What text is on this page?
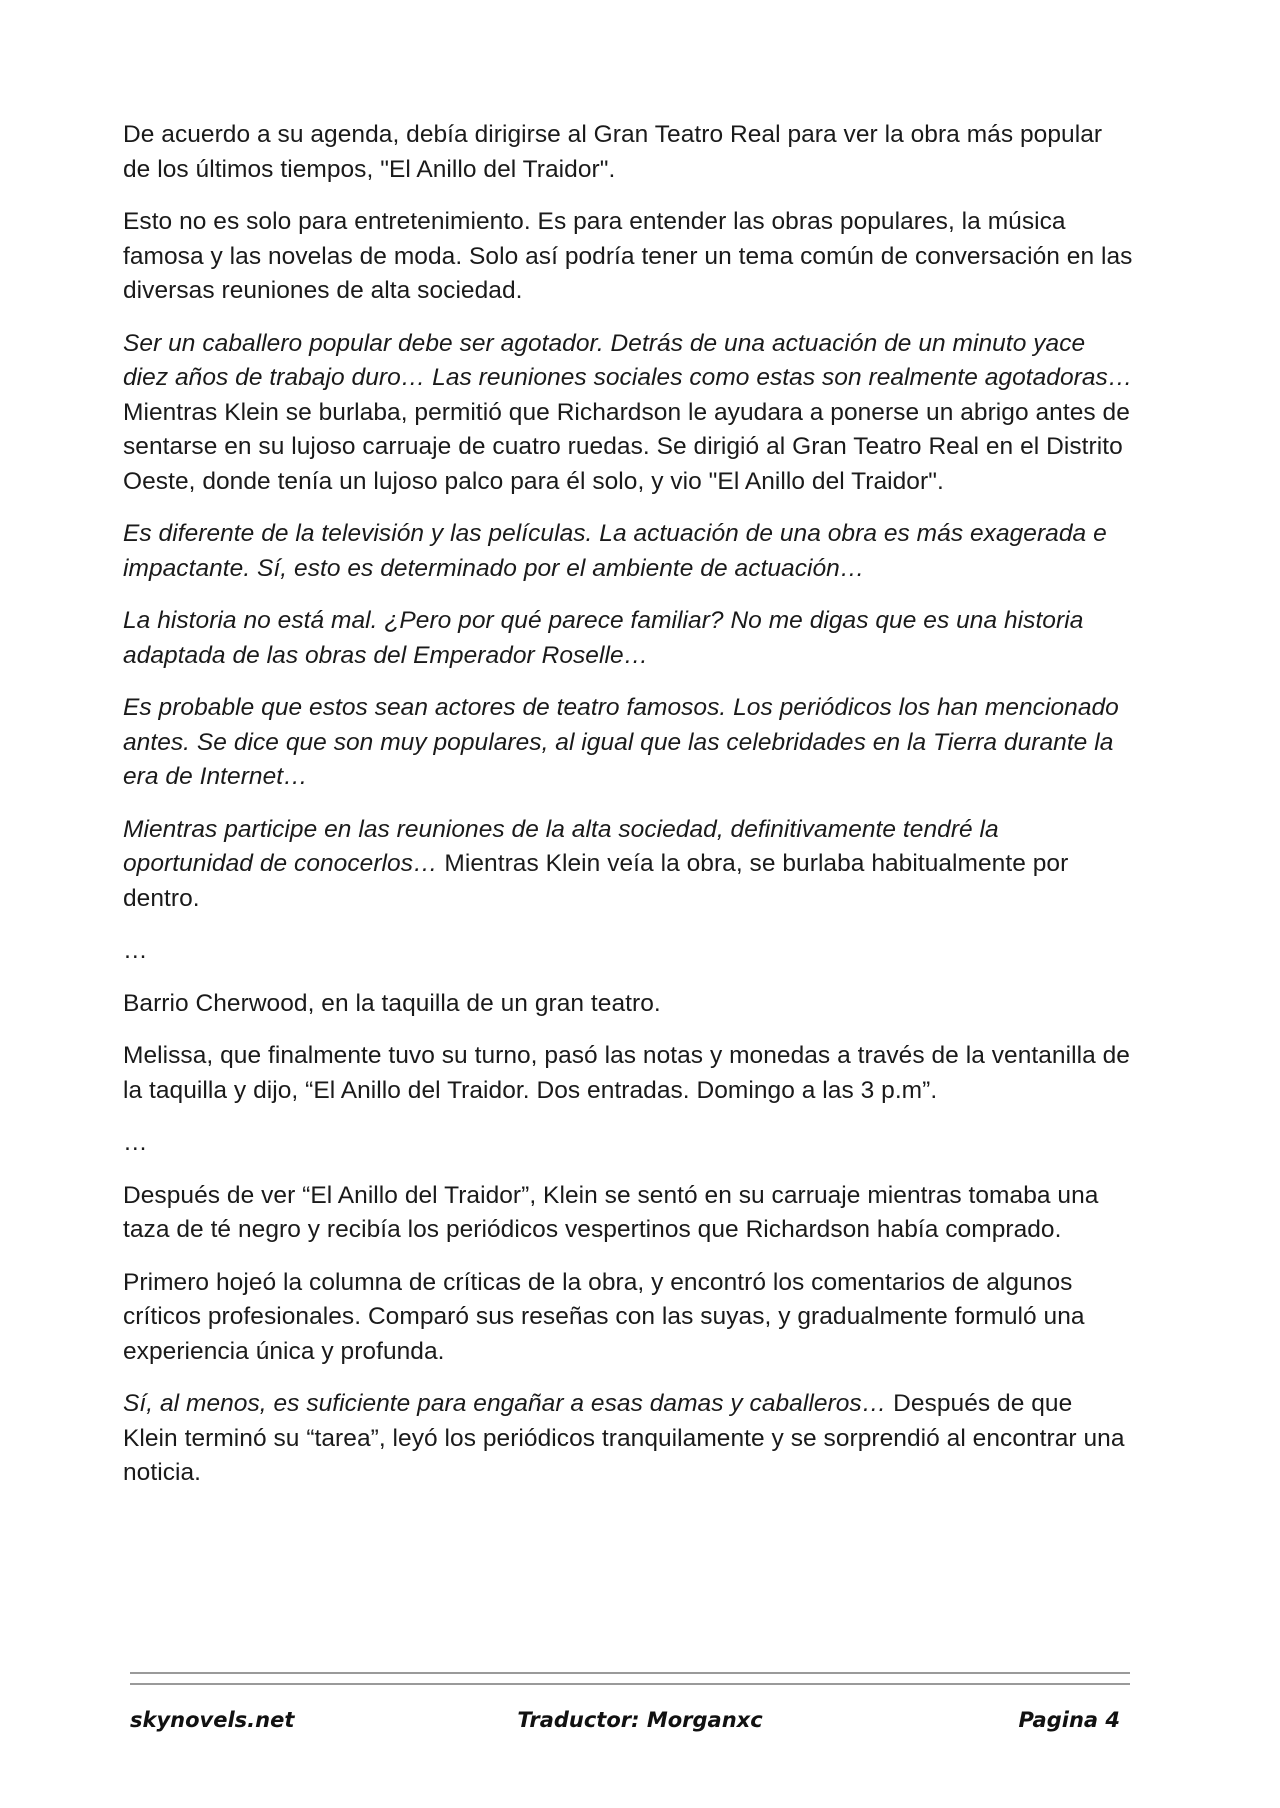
De acuerdo a su agenda, debía dirigirse al Gran Teatro Real para ver la obra más popular de los últimos tiempos, "El Anillo del Traidor".

Esto no es solo para entretenimiento. Es para entender las obras populares, la música famosa y las novelas de moda. Solo así podría tener un tema común de conversación en las diversas reuniones de alta sociedad.

Ser un caballero popular debe ser agotador. Detrás de una actuación de un minuto yace diez años de trabajo duro… Las reuniones sociales como estas son realmente agotadoras… Mientras Klein se burlaba, permitió que Richardson le ayudara a ponerse un abrigo antes de sentarse en su lujoso carruaje de cuatro ruedas. Se dirigió al Gran Teatro Real en el Distrito Oeste, donde tenía un lujoso palco para él solo, y vio "El Anillo del Traidor".

Es diferente de la televisión y las películas. La actuación de una obra es más exagerada e impactante. Sí, esto es determinado por el ambiente de actuación…

La historia no está mal. ¿Pero por qué parece familiar? No me digas que es una historia adaptada de las obras del Emperador Roselle…

Es probable que estos sean actores de teatro famosos. Los periódicos los han mencionado antes. Se dice que son muy populares, al igual que las celebridades en la Tierra durante la era de Internet…

Mientras participe en las reuniones de la alta sociedad, definitivamente tendré la oportunidad de conocerlos… Mientras Klein veía la obra, se burlaba habitualmente por dentro.

…

Barrio Cherwood, en la taquilla de un gran teatro.

Melissa, que finalmente tuvo su turno, pasó las notas y monedas a través de la ventanilla de la taquilla y dijo, “El Anillo del Traidor. Dos entradas. Domingo a las 3 p.m”.

…

Después de ver “El Anillo del Traidor”, Klein se sentó en su carruaje mientras tomaba una taza de té negro y recibía los periódicos vespertinos que Richardson había comprado.

Primero hojeó la columna de críticas de la obra, y encontró los comentarios de algunos críticos profesionales. Comparó sus reseñas con las suyas, y gradualmente formuló una experiencia única y profunda.

Sí, al menos, es suficiente para engañar a esas damas y caballeros… Después de que Klein terminó su “tarea”, leyó los periódicos tranquilamente y se sorprendió al encontrar una noticia.

skynovels.net	Traductor: Morganxc	Pagina 4
